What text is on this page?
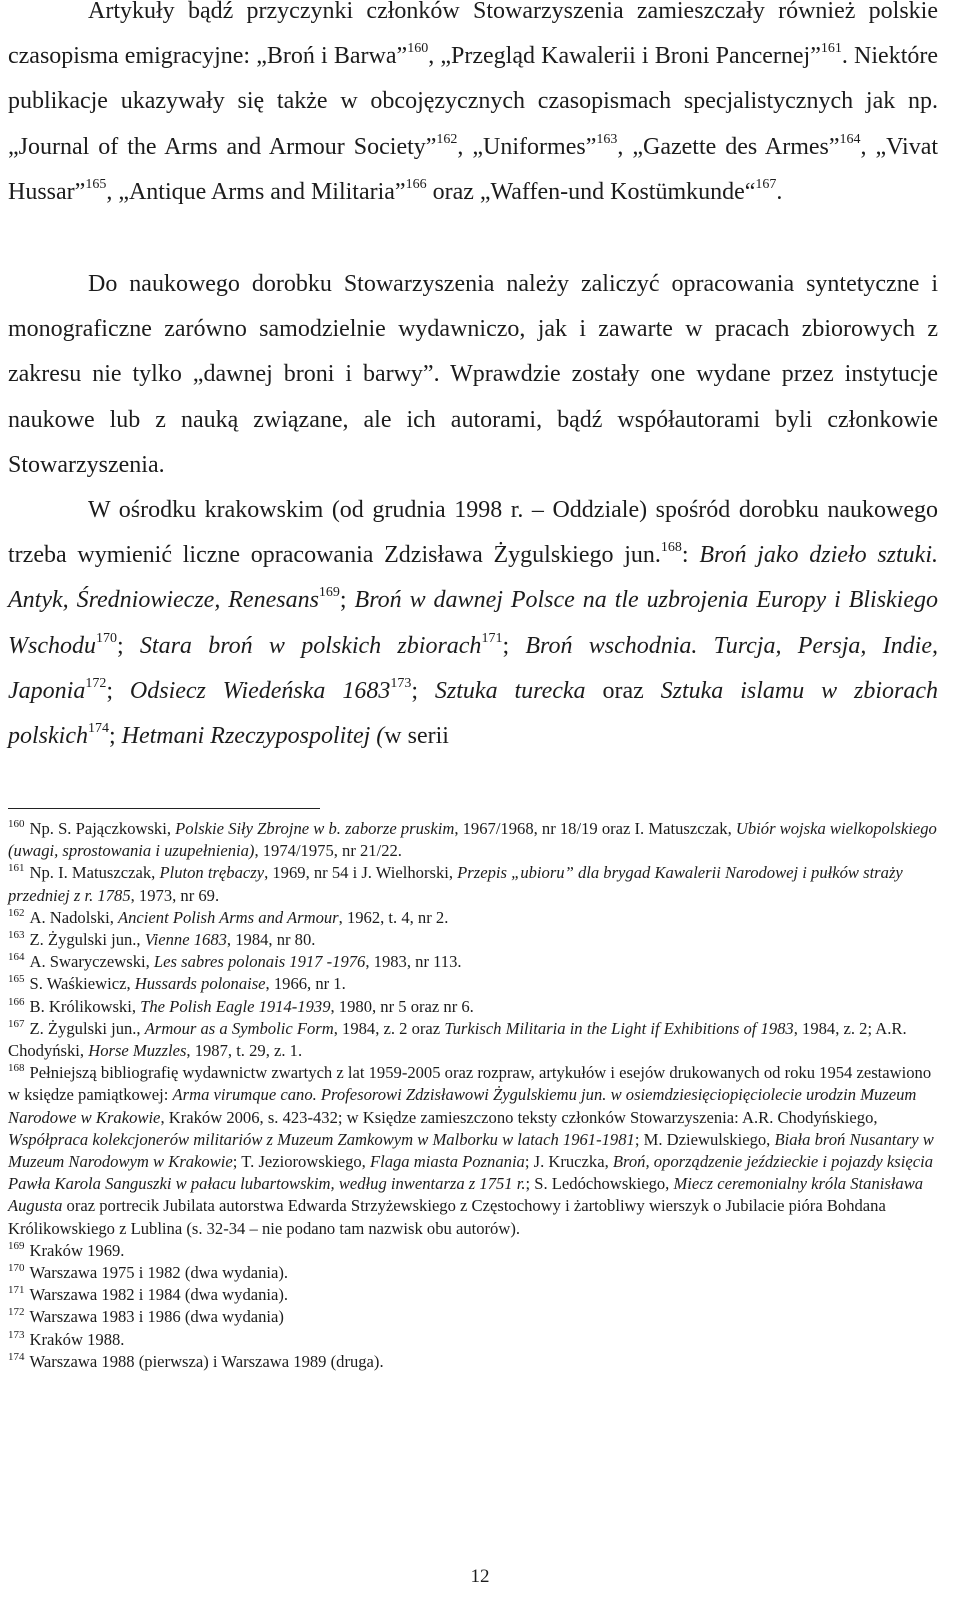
Artykuły bądź przyczynki członków Stowarzyszenia zamieszczały również polskie czasopisma emigracyjne: „Broń i Barwa”$^{160}$, „Przegląd Kawalerii i Broni Pancernej”$^{161}$. Niektóre publikacje ukazywały się także w obcojęzycznych czasopismach specjalistycznych jak np. „Journal of the Arms and Armour Society”$^{162}$, „Uniformes”$^{163}$, „Gazette des Armes”$^{164}$, „Vivat Hussar”$^{165}$, „Antique Arms and Militaria”$^{166}$ oraz „Waffen-und Kostümkunde“$^{167}$.

Do naukowego dorobku Stowarzyszenia należy zaliczyć opracowania syntetyczne i monograficzne zarówno samodzielnie wydawniczo, jak i zawarte w pracach zbiorowych z zakresu nie tylko „dawnej broni i barwy”. Wprawdzie zostały one wydane przez instytucje naukowe lub z nauką związane, ale ich autorami, bądź współautorami byli członkowie Stowarzyszenia.

W ośrodku krakowskim (od grudnia 1998 r. – Oddziale) spośród dorobku naukowego trzeba wymienić liczne opracowania Zdzisława Żygulskiego jun.$^{168}$: Broń jako dzieło sztuki. Antyk, Średniowiecze, Renesans$^{169}$; Broń w dawnej Polsce na tle uzbrojenia Europy i Bliskiego Wschodu$^{170}$; Stara broń w polskich zbiorach$^{171}$; Broń wschodnia. Turcja, Persja, Indie, Japonia$^{172}$; Odsiecz Wiedeńska 1683$^{173}$; Sztuka turecka oraz Sztuka islamu w zbiorach polskich$^{174}$; Hetmani Rzeczypospolitej (w serii

$^{160}$ Np. S. Pajączkowski, Polskie Siły Zbrojne w b. zaborze pruskim, 1967/1968, nr 18/19 oraz I. Matuszczak, Ubiór wojska wielkopolskiego (uwagi, sprostowania i uzupełnienia), 1974/1975, nr 21/22.

$^{161}$ Np. I. Matuszczak, Pluton trębaczy, 1969, nr 54 i J. Wielhorski, Przepis „ubioru” dla brygad Kawalerii Narodowej i pułków straży przedniej z r. 1785, 1973, nr 69.

$^{162}$ A. Nadolski, Ancient Polish Arms and Armour, 1962, t. 4, nr 2.

$^{163}$ Z. Żygulski jun., Vienne 1683, 1984, nr 80.

$^{164}$ A. Swaryczewski, Les sabres polonais 1917 -1976, 1983, nr 113.

$^{165}$ S. Waśkiewicz, Hussards polonaise, 1966, nr 1.

$^{166}$ B. Królikowski, The Polish Eagle 1914-1939, 1980, nr 5 oraz nr 6.

$^{167}$ Z. Żygulski jun., Armour as a Symbolic Form, 1984, z. 2 oraz Turkisch Militaria in the Light if Exhibitions of 1983, 1984, z. 2; A.R. Chodyński, Horse Muzzles, 1987, t. 29, z. 1.

$^{168}$ Pełniejszą bibliografię wydawnictw zwartych z lat 1959-2005 oraz rozpraw, artykułów i esejów drukowanych od roku 1954 zestawiono w księdze pamiątkowej: Arma virumque cano. Profesorowi Zdzisławowi Żygulskiemu jun. w osiemdziesięciopięciolecie urodzin Muzeum Narodowe w Krakowie, Kraków 2006, s. 423-432; w Księdze zamieszczono teksty członków Stowarzyszenia: A.R. Chodyńskiego, Współpraca kolekcjonerów militariów z Muzeum Zamkowym w Malborku w latach 1961-1981; M. Dziewulskiego, Biała broń Nusantary w Muzeum Narodowym w Krakowie; T. Jeziorowskiego, Flaga miasta Poznania; J. Kruczka, Broń, oporządzenie jeździeckie i pojazdy księcia Pawła Karola Sanguszki w pałacu lubartowskim, według inwentarza z 1751 r.; S. Ledóchowskiego, Miecz ceremonialny króla Stanisława Augusta oraz portrecik Jubilata autorstwa Edwarda Strzyżewskiego z Częstochowy i żartobliwy wierszyk o Jubilacie pióra Bohdana Królikowskiego z Lublina (s. 32-34 – nie podano tam nazwisk obu autorów).

$^{169}$ Kraków 1969.

$^{170}$ Warszawa 1975 i 1982 (dwa wydania).

$^{171}$ Warszawa 1982 i 1984 (dwa wydania).

$^{172}$ Warszawa 1983 i 1986 (dwa wydania)

$^{173}$ Kraków 1988.

$^{174}$ Warszawa 1988 (pierwsza) i Warszawa 1989 (druga).

12
